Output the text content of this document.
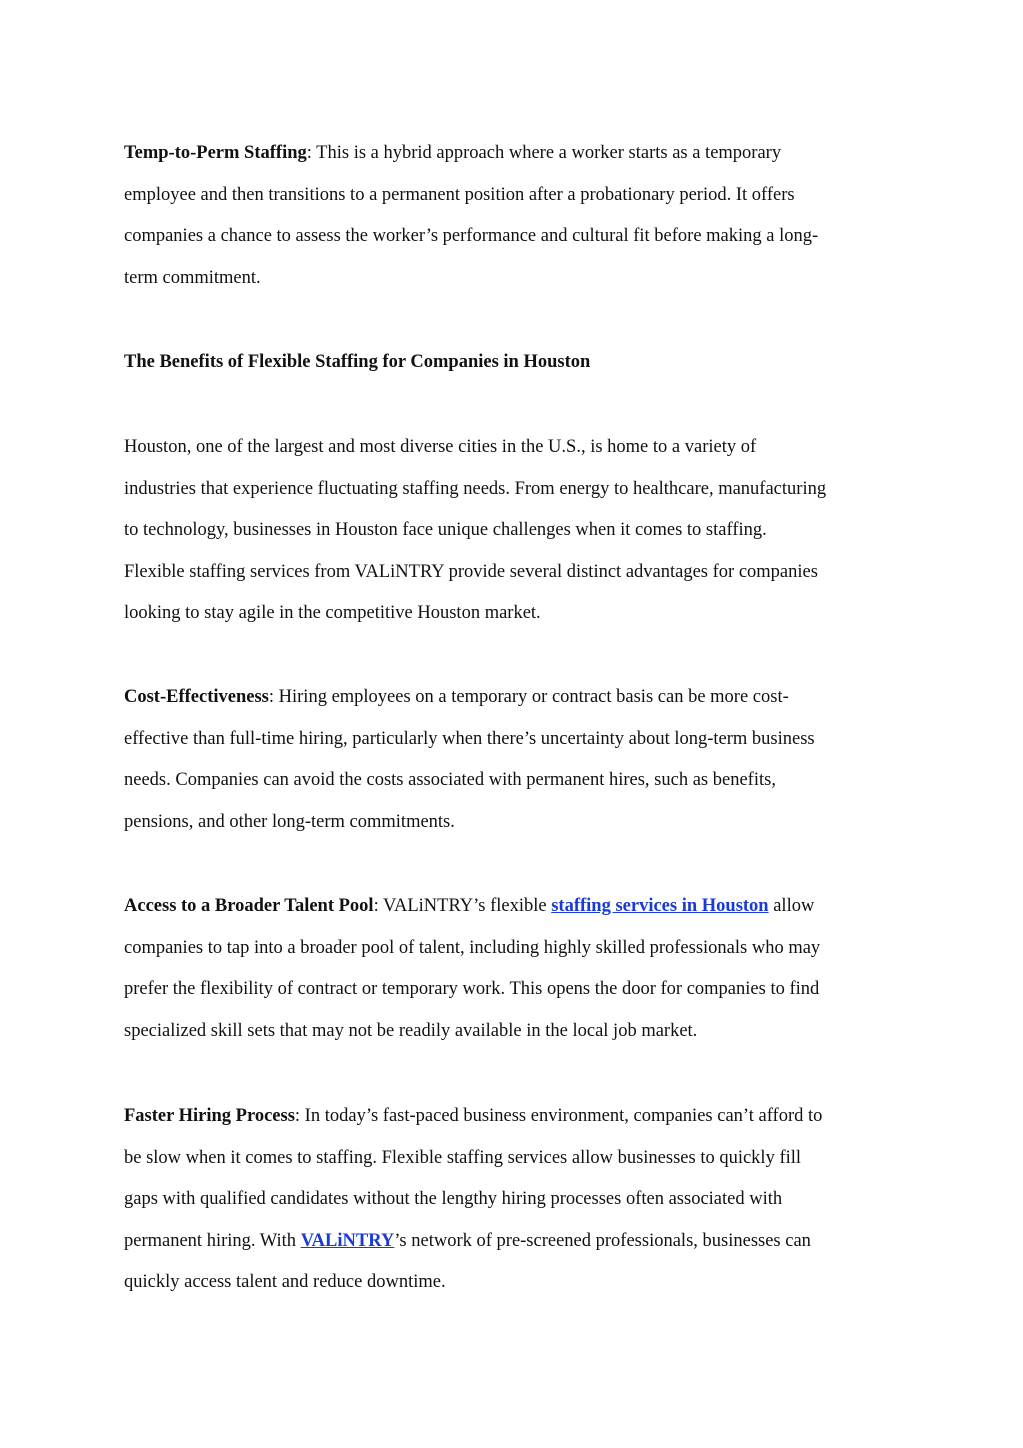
Temp-to-Perm Staffing: This is a hybrid approach where a worker starts as a temporary
employee and then transitions to a permanent position after a probationary period. It offers
companies a chance to assess the worker’s performance and cultural fit before making a long-
term commitment.
The Benefits of Flexible Staffing for Companies in Houston
Houston, one of the largest and most diverse cities in the U.S., is home to a variety of
industries that experience fluctuating staffing needs. From energy to healthcare, manufacturing
to technology, businesses in Houston face unique challenges when it comes to staffing.
Flexible staffing services from VALiNTRY provide several distinct advantages for companies
looking to stay agile in the competitive Houston market.
Cost-Effectiveness: Hiring employees on a temporary or contract basis can be more cost-
effective than full-time hiring, particularly when there’s uncertainty about long-term business
needs. Companies can avoid the costs associated with permanent hires, such as benefits,
pensions, and other long-term commitments.
Access to a Broader Talent Pool: VALiNTRY’s flexible staffing services in Houston allow
companies to tap into a broader pool of talent, including highly skilled professionals who may
prefer the flexibility of contract or temporary work. This opens the door for companies to find
specialized skill sets that may not be readily available in the local job market.
Faster Hiring Process: In today’s fast-paced business environment, companies can’t afford to
be slow when it comes to staffing. Flexible staffing services allow businesses to quickly fill
gaps with qualified candidates without the lengthy hiring processes often associated with
permanent hiring. With VALiNTRY’s network of pre-screened professionals, businesses can
quickly access talent and reduce downtime.
